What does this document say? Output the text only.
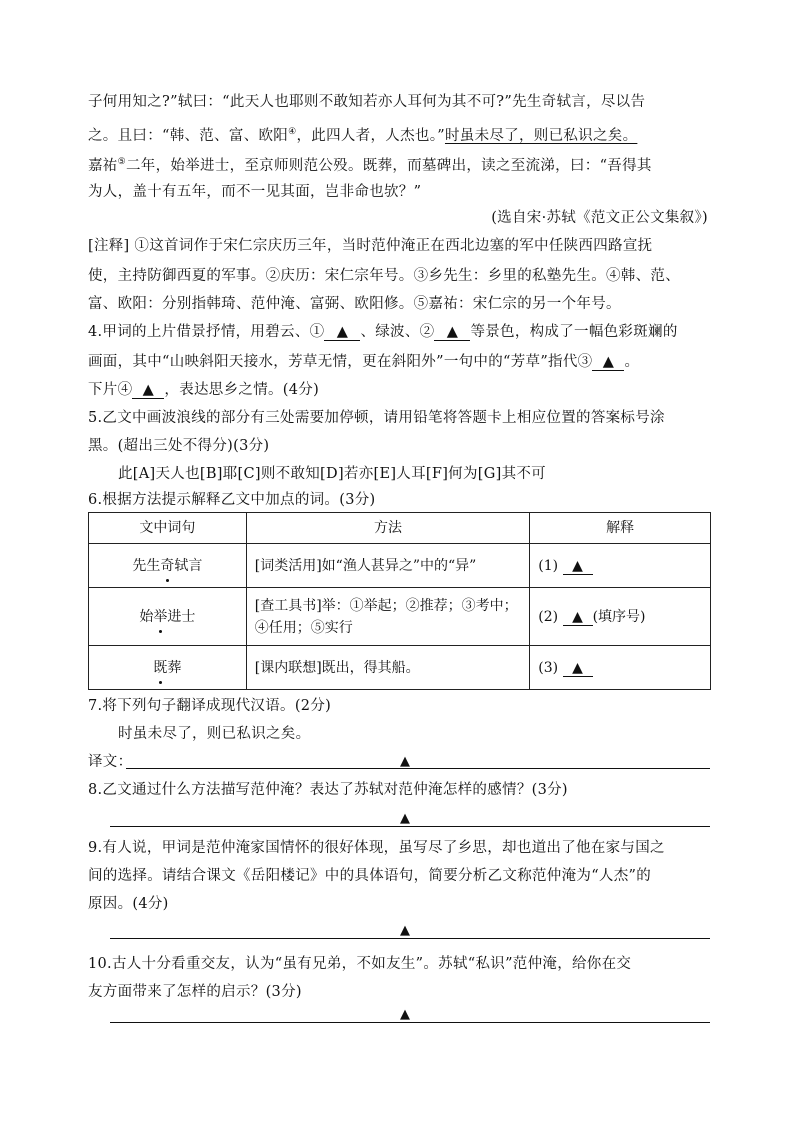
子何用知之?”轼曰：“此天人也耶则不敢知若亦人耳何为其不可?”先生奇轼言，尽以告
之。且曰：“韩、范、富、欧阳④，此四人者，人杰也。”时虽未尽了，则已私识之矣。
嘉祐⑤二年，始举进士，至京师则范公殁。既葬，而墓碑出，读之至流涕，曰：“吾得其
为人，盖十有五年，而不一见其面，岂非命也欤？”
(选自宋·苏轼《范文正公文集叙》)
[注释] ①这首词作于宋仁宗庆历三年，当时范仲淹正在西北边塞的军中任陕西四路宣抚
使，主持防御西夏的军事。②庆历：宋仁宗年号。③乡先生：乡里的私塾先生。④韩、范、
富、欧阳：分别指韩琦、范仲淹、富弼、欧阳修。⑤嘉祐：宋仁宗的另一个年号。
4.甲词的上片借景抒情，用碧云、① ▲ 、绿波、② ▲ 等景色，构成了一幅色彩斑斓的
画面，其中“山映斜阳天接水，芳草无情，更在斜阳外”一句中的“芳草”指代③ ▲ 。
下片④ ▲ ，表达思乡之情。(4分)
5.乙文中画波浪线的部分有三处需要加停顿，请用铅笔将答题卡上相应位置的答案标号涂
黑。(超出三处不得分)(3分)
此[A]天人也[B]耶[C]则不敢知[D]若亦[E]人耳[F]何为[G]其不可
6.根据方法提示解释乙文中加点的词。(3分)
文中词句	方法	解释
先生奇轼言	[词类活用]如“渔人甚异之”中的“异”	(1) ▲
始举进士	[查工具书]举：①举起；②推荐；③考中；④任用；⑤实行	(2) ▲ (填序号)
既葬	[课内联想]既出，得其船。	(3) ▲
7.将下列句子翻译成现代汉语。(2分)
时虽未尽了，则已私识之矣。
译文：	▲
8.乙文通过什么方法描写范仲淹？表达了苏轼对范仲淹怎样的感情？(3分)
▲
9.有人说，甲词是范仲淹家国情怀的很好体现，虽写尽了乡思，却也道出了他在家与国之
间的选择。请结合课文《岳阳楼记》中的具体语句，简要分析乙文称范仲淹为“人杰”的
原因。(4分)
▲
10.古人十分看重交友，认为“虽有兄弟，不如友生”。苏轼“私识”范仲淹，给你在交
友方面带来了怎样的启示？(3分)
▲
